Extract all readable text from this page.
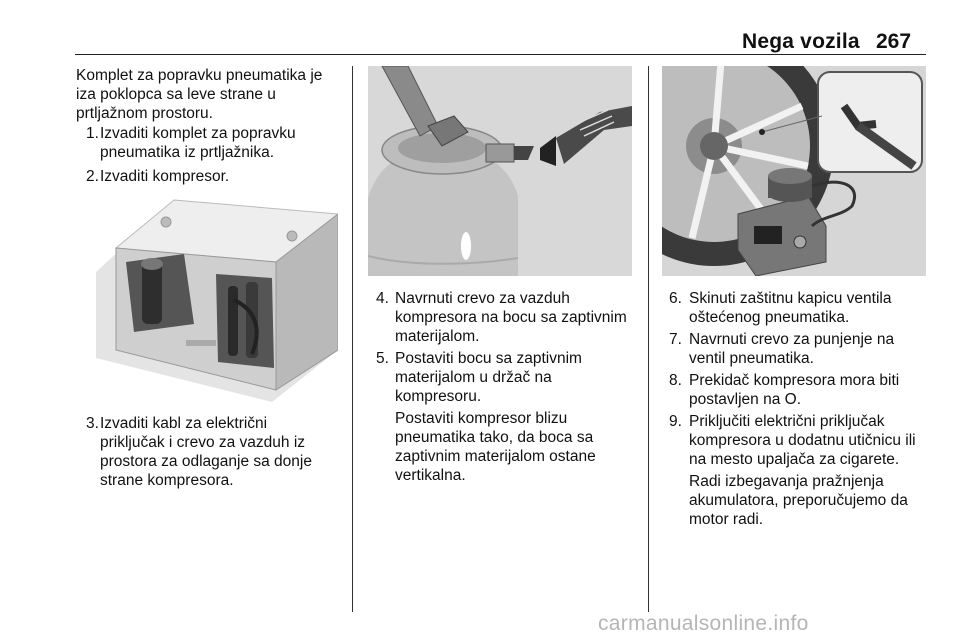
Nega vozila 267

Komplet za popravku pneumatika je

iza poklopca sa leve strane u

prtljažnom prostoru.

1. Izvaditi komplet za popravku

pneumatika iz prtljažnika.

2. Izvaditi kompresor.

3. Izvaditi kabl za električni

priključak i crevo za vazduh iz

prostora za odlaganje sa donje

strane kompresora.

4. Navrnuti crevo za vazduh

kompresora na bocu sa zaptivnim

materijalom.

5. Postaviti bocu sa zaptivnim

materijalom u držač na

kompresoru.

Postaviti kompresor blizu

pneumatika tako, da boca sa

zaptivnim materijalom ostane

vertikalna.

6. Skinuti zaštitnu kapicu ventila

oštećenog pneumatika.

7. Navrnuti crevo za punjenje na

ventil pneumatika.

8. Prekidač kompresora mora biti

postavljen na O.

9. Priključiti električni priključak

kompresora u dodatnu utičnicu ili

na mesto upaljača za cigarete.

Radi izbegavanja pražnjenja

akumulatora, preporučujemo da

motor radi.

carmanualsonline.info
